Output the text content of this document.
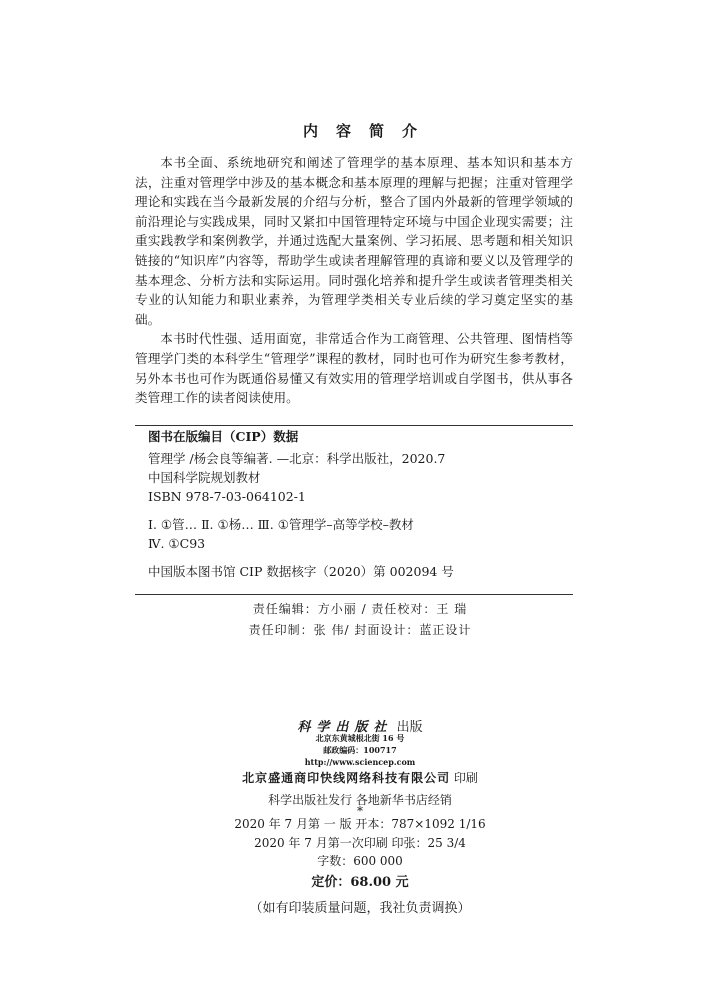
内 容 简 介

本书全面、系统地研究和阐述了管理学的基本原理、基本知识和基本方法，注重对管理学中涉及的基本概念和基本原理的理解与把握；注重对管理学理论和实践在当今最新发展的介绍与分析，整合了国内外最新的管理学领域的前沿理论与实践成果，同时又紧扣中国管理特定环境与中国企业现实需要；注重实践教学和案例教学，并通过选配大量案例、学习拓展、思考题和相关知识链接的“知识库”内容等，帮助学生或读者理解管理的真谛和要义以及管理学的基本理念、分析方法和实际运用。同时强化培养和提升学生或读者管理类相关专业的认知能力和职业素养，为管理学类相关专业后续的学习奠定坚实的基础。

本书时代性强、适用面宽，非常适合作为工商管理、公共管理、图情档等管理学门类的本科学生“管理学”课程的教材，同时也可作为研究生参考教材，另外本书也可作为既通俗易懂又有效实用的管理学培训或自学图书，供从事各类管理工作的读者阅读使用。

图书在版编目（CIP）数据
管理学 /杨会良等编著. —北京：科学出版社，2020.7
中国科学院规划教材
ISBN 978-7-03-064102-1
Ⅰ. ①管… Ⅱ. ①杨… Ⅲ. ①管理学–高等学校–教材
Ⅳ. ①C93
中国版本图书馆 CIP 数据核字（2020）第 002094 号
责任编辑：方小丽 / 责任校对：王 瑞
责任印制：张 伟/ 封面设计：蓝正设计
科学出版社 出版
北京东黄城根北街 16 号
邮政编码：100717
http://www.sciencep.com
北京盛通商印快线网络科技有限公司 印刷
科学出版社发行 各地新华书店经销
*
2020 年 7 月第 一 版 开本：787×1092 1/16
2020 年 7 月第一次印刷 印张：25 3/4
字数：600 000
定价：68.00 元
（如有印装质量问题，我社负责调换）
